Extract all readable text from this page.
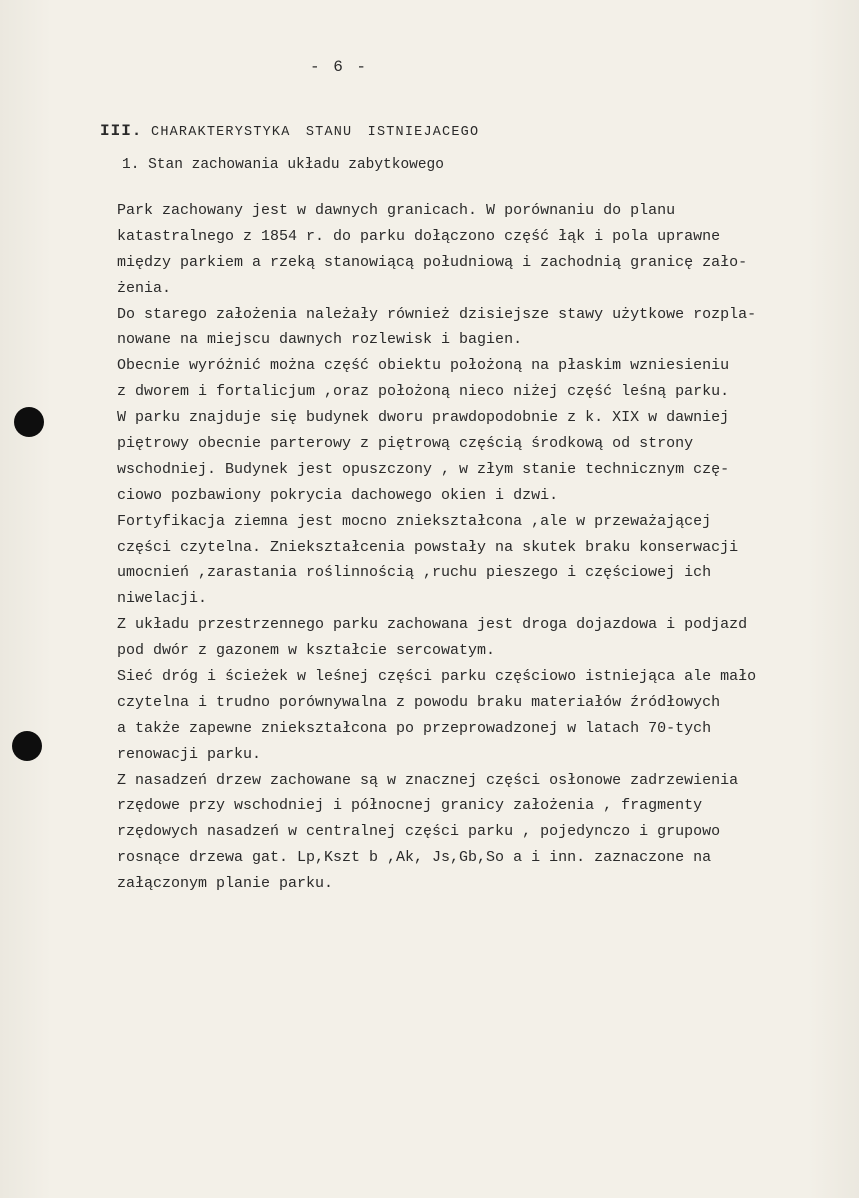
- 6 -
III. CHARAKTERYSTYKA STANU ISTNIEJACEGO
1. Stan zachowania układu zabytkowego
Park zachowany jest w dawnych granicach. W porównaniu do planu
katastralnego z 1854 r. do parku dołączono część łąk i pola uprawne
między parkiem a rzeką stanowiącą południową i zachodnią granicę zało-
żenia.
Do starego założenia należały również dzisiejsze stawy użytkowe rozpla-
nowane na miejscu dawnych rozlewisk i bagien.
Obecnie wyróżnić można część obiektu położoną na płaskim wzniesieniu
z dworem i fortalicjum ,oraz położoną nieco niżej część leśną parku.
W parku znajduje się budynek dworu prawdopodobnie z k. XIX w dawniej
piętrowy obecnie parterowy z piętrową częścią środkową od strony
wschodniej. Budynek jest opuszczony , w złym stanie technicznym czę-
ciowo pozbawiony pokrycia dachowego okien i dzwi.
Fortyfikacja ziemna jest mocno zniekształcona ,ale w przeważającej
części czytelna. Zniekształcenia powstały na skutek braku konserwacji
umocnień ,zarastania roślinnością ,ruchu pieszego i częściowej ich
niwelacji.
Z układu przestrzennego parku zachowana jest droga dojazdowa i podjazd
pod dwór z gazonem w kształcie sercowatym.
Sieć dróg i ścieżek w leśnej części parku częściowo istniejąca ale mało
czytelna i trudno porównywalna z powodu braku materiałów źródłowych
a także zapewne zniekształcona po przeprowadzonej w latach 70-tych
renowacji parku.
Z nasadzeń drzew zachowane są w znacznej części osłonowe zadrzewienia
rzędowe przy wschodniej i północnej granicy założenia , fragmenty
rzędowych nasadzeń w centralnej części parku , pojedynczo i grupowo
rosnące drzewa gat. Lp,Kszt b ,Ak, Js,Gb,So a i inn. zaznaczone na
załączonym planie parku.
